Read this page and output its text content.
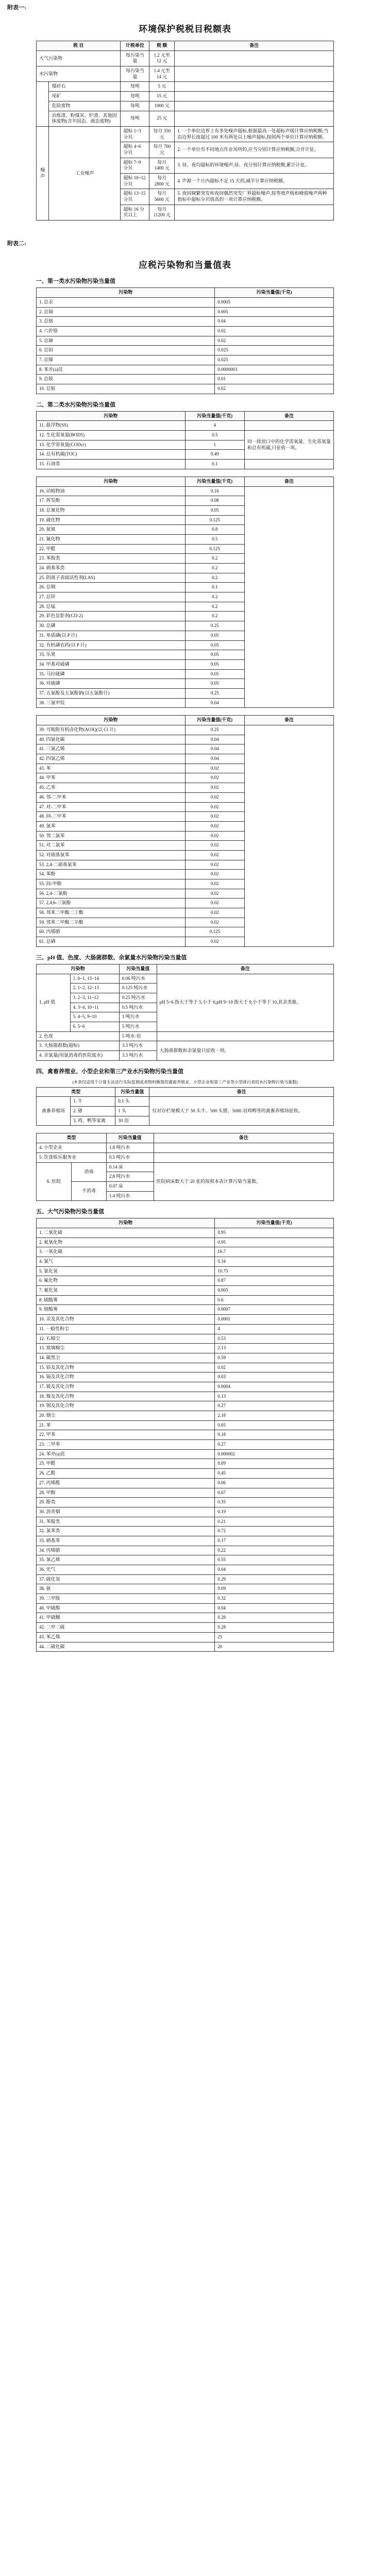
附表一:
环境保护税税目税额表
税 目		计税单位	税 额	备注
大气污染物		每污染当量	1.2 元至 12 元	
水污染物		每污染当量	1.4 元至 14 元	
	煤矸石	每吨	5 元	
	尾矿	每吨	15 元	
	危险废物	每吨	1000 元	
	冶炼渣、粉煤灰、炉渣、其他固体废物(含半固态、液态废物)	每吨	25 元	
噪声	工业噪声	超标 1~3 分贝	每月 350 元	1. 一个单位边界上有多处噪声超标,根据最高一处超标声级计算应纳税额;当沿边界长度超过 100 米有两处以上噪声超标,按照两个单位计算应纳税额。
		超标 4~6 分贝	每月 700 元	2. 一个单位有不同地点作业场所的,应当分别计算应纳税额,合并计征。
		超标 7~9 分贝	每月 1400 元	3. 昼、夜均超标的环境噪声,昼、夜分别计算应纳税额,累计计征。
		超标 10~12 分贝	每月 2800 元	4. 声源一个月内超标不足 15 天的,减半计算应纳税额。
		超标 13~15 分贝	每月 5600 元	5. 夜间频繁突发和夜间偶然突发厂界超标噪声,按等效声级和峰值噪声两种指标中超标分贝值高的一项计算应纳税额。
		超标 16 分贝以上	每月 11200 元	
附表二:
应税污染物和当量值表
一、第一类水污染物污染当量值
污染物	污染当量值(千克)
1. 总汞	0.0005
2. 总镉	0.005
3. 总铬	0.04
4. 六价铬	0.02
5. 总砷	0.02
6. 总铅	0.025
7. 总镍	0.025
8. 苯并(a)芘	0.0000003
9. 总铍	0.01
10. 总银	0.02
二、第二类水污染物污染当量值
污染物	污染当量值(千克)	备注
11. 悬浮物(SS)	4	
12. 生化需氧量(BOD5)	0.5	同一排放口中的化学需氧量、生化需氧量和总有机碳,只征收一项。
13. 化学需氧量(CODcr)	1	
14. 总有机碳(TOC)	0.49	
15. 石油类	0.1	
污染物	污染当量值(千克)	备注
16. 动植物油	0.16	
17. 挥发酚	0.08	
18. 总氰化物	0.05	
19. 硫化物	0.125	
20. 氨氮	0.8	
21. 氟化物	0.5	
22. 甲醛	0.125	
23. 苯胺类	0.2	
24. 硝基苯类	0.2	
25. 阴离子表面活性剂(LAS)	0.2	
26. 总铜	0.1	
27. 总锌	0.2	
28. 总锰	0.2	
29. 彩色显影剂(CD-2)	0.2	
30. 总磷	0.25	
31. 单质磷(以 P 计)	0.05	
32. 有机磷农药(以 P 计)	0.05	
33. 乐果	0.05	
34. 甲基对硫磷	0.05	
35. 马拉硫磷	0.05	
36. 对硫磷	0.05	
37. 五氯酚及五氯酚钠(以五氯酚计)	0.25	
38. 三氯甲烷	0.04	
污染物	污染当量值(千克)	备注
39. 可吸附有机卤化物(AOX)(以 Cl 计)	0.25	
40. 四氯化碳	0.04	
41. 三氯乙烯	0.04	
42. 四氯乙烯	0.04	
43. 苯	0.02	
44. 甲苯	0.02	
45. 乙苯	0.02	
46. 邻-二甲苯	0.02	
47. 对-二甲苯	0.02	
48. 间-二甲苯	0.02	
49. 氯苯	0.02	
50. 邻二氯苯	0.02	
51. 对二氯苯	0.02	
52. 对硝基氯苯	0.02	
53. 2,4-二硝基氯苯	0.02	
54. 苯酚	0.02	
55. 间-甲酚	0.02	
56. 2,4-二氯酚	0.02	
57. 2,4,6-三氯酚	0.02	
58. 邻苯二甲酸二丁酯	0.02	
59. 邻苯二甲酸二辛酯	0.02	
60. 丙烯腈	0.125	
61. 总硒	0.02	
三、pH 值、色度、大肠菌群数、余氯量水污染物污染当量值
污染物		污染当量值	备注
1. pH 值	1. 0~1, 13~14	0.06 吨污水	pH 5~6 指大于等于 5,小于 6;pH 9~10 指大于 9,小于等于 10,其余类推。
	2. 1~2, 12~13	0.125 吨污水	
	3. 2~3, 11~12	0.25 吨污水	
	4. 3~4, 10~11	0.5 吨污水	
	5. 4~5, 9~10	1 吨污水	
	6. 5~6	5 吨污水	
2. 色度		5 吨水·倍	
3. 大肠菌群数(超标)		3.3 吨污水	大肠菌群数和余氯量只征收一项。
4. 余氯量(用氯消毒的医院废水)		3.3 吨污水	
四、禽畜养殖业、小型企业和第三产业水污染物污染当量值
(本表仅适用于计算无法进行实际监测或者物料衡算的禽畜养殖业、小型企业和第三产业等小型排污者的水污染物污染当量数)
类型		污染当量值	备注
禽畜养殖场	1. 牛	0.1 头	仅对存栏规模大于 50 头牛、500 头猪、5000 羽鸡鸭等的禽畜养殖场征收。
	2. 猪	1 头	
	3. 鸡、鸭等家禽	30 羽	
类型		污染当量值	备注
4. 小型企业		1.8 吨污水	
5. 饮食娱乐服务业		0.5 吨污水	
6. 医院	消毒	0.14 床	医院病床数大于 20 张的按照本表计算污染当量数。
		2.8 吨污水	
	不消毒	0.07 床	
		1.4 吨污水	
五、大气污染物污染当量值
污染物	污染当量值(千克)
1. 二氧化硫	0.95
2. 氮氧化物	0.95
3. 一氧化碳	16.7
4. 氯气	0.34
5. 氯化氢	10.75
6. 氟化物	0.87
7. 氰化氢	0.005
8. 硫酸雾	0.6
9. 铬酸雾	0.0007
10. 汞及其化合物	0.0001
11. 一般性粉尘	4
12. 石棉尘	0.53
13. 玻璃棉尘	2.13
14. 碳黑尘	0.59
15. 铅及其化合物	0.02
16. 镉及其化合物	0.03
17. 铍及其化合物	0.0004
18. 镍及其化合物	0.13
19. 锡及其化合物	0.27
20. 烟尘	2.18
21. 苯	0.05
22. 甲苯	0.18
23. 二甲苯	0.27
24. 苯并(a)芘	0.000002
25. 甲醛	0.09
26. 乙醛	0.45
27. 丙烯醛	0.06
28. 甲醇	0.67
29. 酚类	0.35
30. 沥青烟	0.19
31. 苯胺类	0.21
32. 氯苯类	0.72
33. 硝基苯	0.17
34. 丙烯腈	0.22
35. 氯乙烯	0.55
36. 光气	0.04
37. 硫化氢	0.29
38. 氨	9.09
39. 三甲胺	0.32
40. 甲硫醇	0.04
41. 甲硫醚	0.28
42. 二甲二硫	0.28
43. 苯乙烯	25
44. 二硫化碳	20
